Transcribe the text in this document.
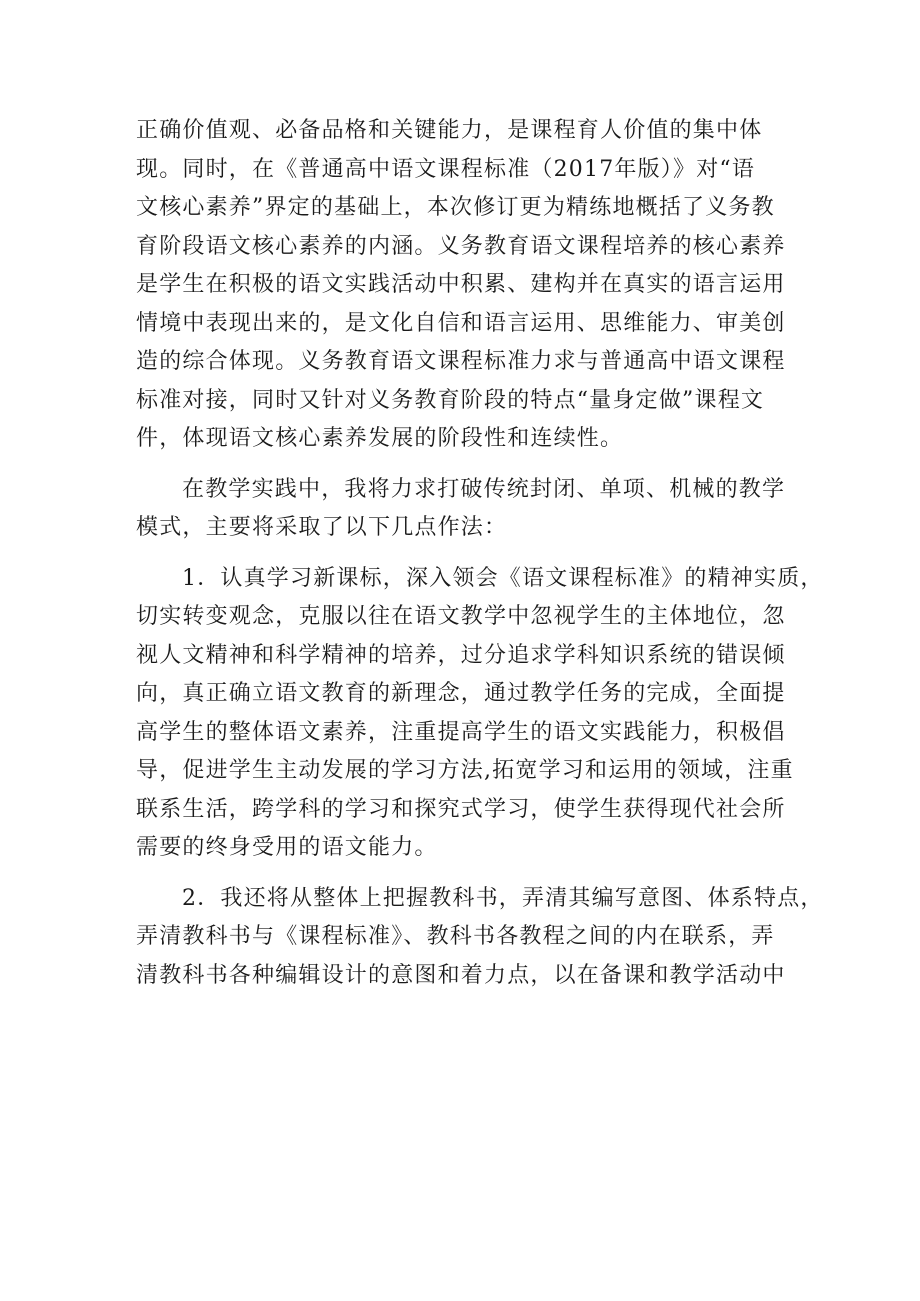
正确价值观、必备品格和关键能力，是课程育人价值的集中体
现。同时，在《普通高中语文课程标准（2017年版）》对“语
文核心素养”界定的基础上，本次修订更为精练地概括了义务教
育阶段语文核心素养的内涵。义务教育语文课程培养的核心素养
是学生在积极的语文实践活动中积累、建构并在真实的语言运用
情境中表现出来的，是文化自信和语言运用、思维能力、审美创
造的综合体现。义务教育语文课程标准力求与普通高中语文课程
标准对接，同时又针对义务教育阶段的特点“量身定做”课程文
件，体现语文核心素养发展的阶段性和连续性。
在教学实践中，我将力求打破传统封闭、单项、机械的教学
模式，主要将采取了以下几点作法：
1．认真学习新课标，深入领会《语文课程标准》的精神实质，
切实转变观念，克服以往在语文教学中忽视学生的主体地位，忽
视人文精神和科学精神的培养，过分追求学科知识系统的错误倾
向，真正确立语文教育的新理念，通过教学任务的完成，全面提
高学生的整体语文素养，注重提高学生的语文实践能力，积极倡
导，促进学生主动发展的学习方法,拓宽学习和运用的领域，注重
联系生活，跨学科的学习和探究式学习，使学生获得现代社会所
需要的终身受用的语文能力。
2．我还将从整体上把握教科书，弄清其编写意图、体系特点，
弄清教科书与《课程标准》、教科书各教程之间的内在联系，弄
清教科书各种编辑设计的意图和着力点，以在备课和教学活动中
